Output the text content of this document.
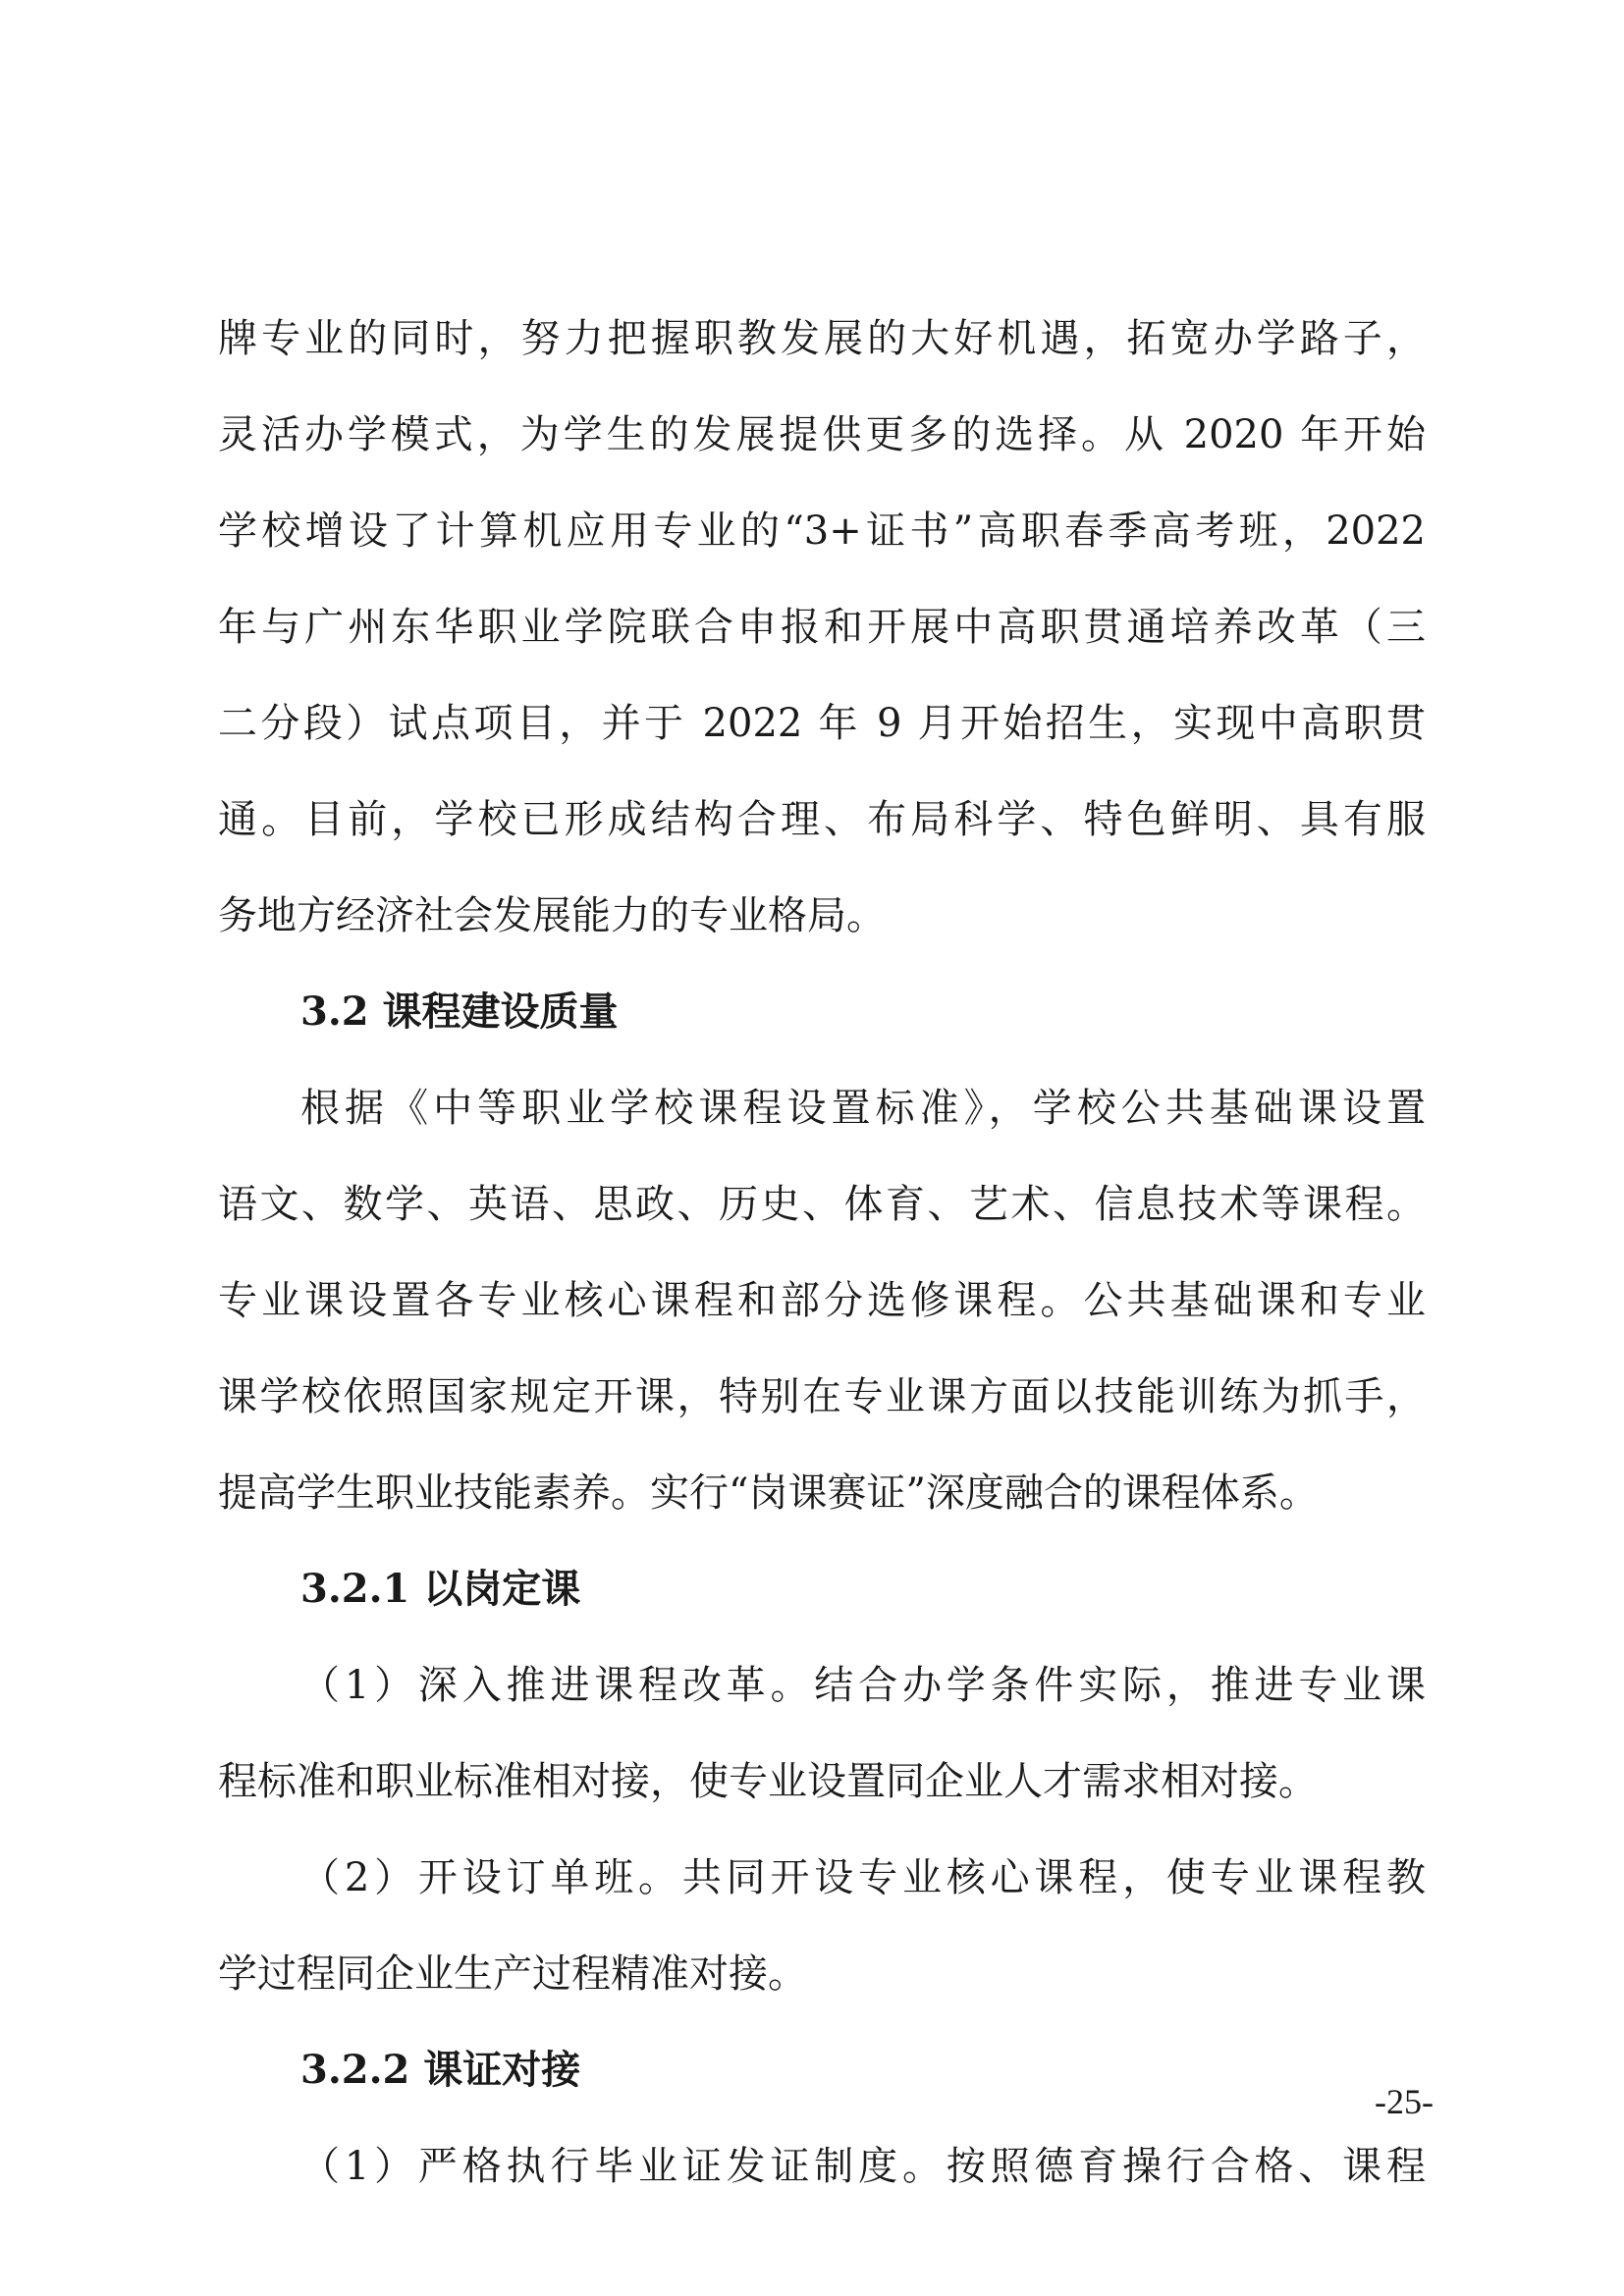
牌专业的同时，努力把握职教发展的大好机遇，拓宽办学路子，
灵活办学模式，为学生的发展提供更多的选择。从 2020 年开始
学校增设了计算机应用专业的“3+证书”高职春季高考班，2022
年与广州东华职业学院联合申报和开展中高职贯通培养改革（三
二分段）试点项目，并于 2022 年 9 月开始招生，实现中高职贯
通。目前，学校已形成结构合理、布局科学、特色鲜明、具有服
务地方经济社会发展能力的专业格局。
3.2 课程建设质量
根据《中等职业学校课程设置标准》，学校公共基础课设置
语文、数学、英语、思政、历史、体育、艺术、信息技术等课程。
专业课设置各专业核心课程和部分选修课程。公共基础课和专业
课学校依照国家规定开课，特别在专业课方面以技能训练为抓手，
提高学生职业技能素养。实行“岗课赛证”深度融合的课程体系。
3.2.1 以岗定课
（1）深入推进课程改革。结合办学条件实际，推进专业课
程标准和职业标准相对接，使专业设置同企业人才需求相对接。
（2）开设订单班。共同开设专业核心课程，使专业课程教
学过程同企业生产过程精准对接。
3.2.2 课证对接
（1）严格执行毕业证发证制度。按照德育操行合格、课程
-25-
